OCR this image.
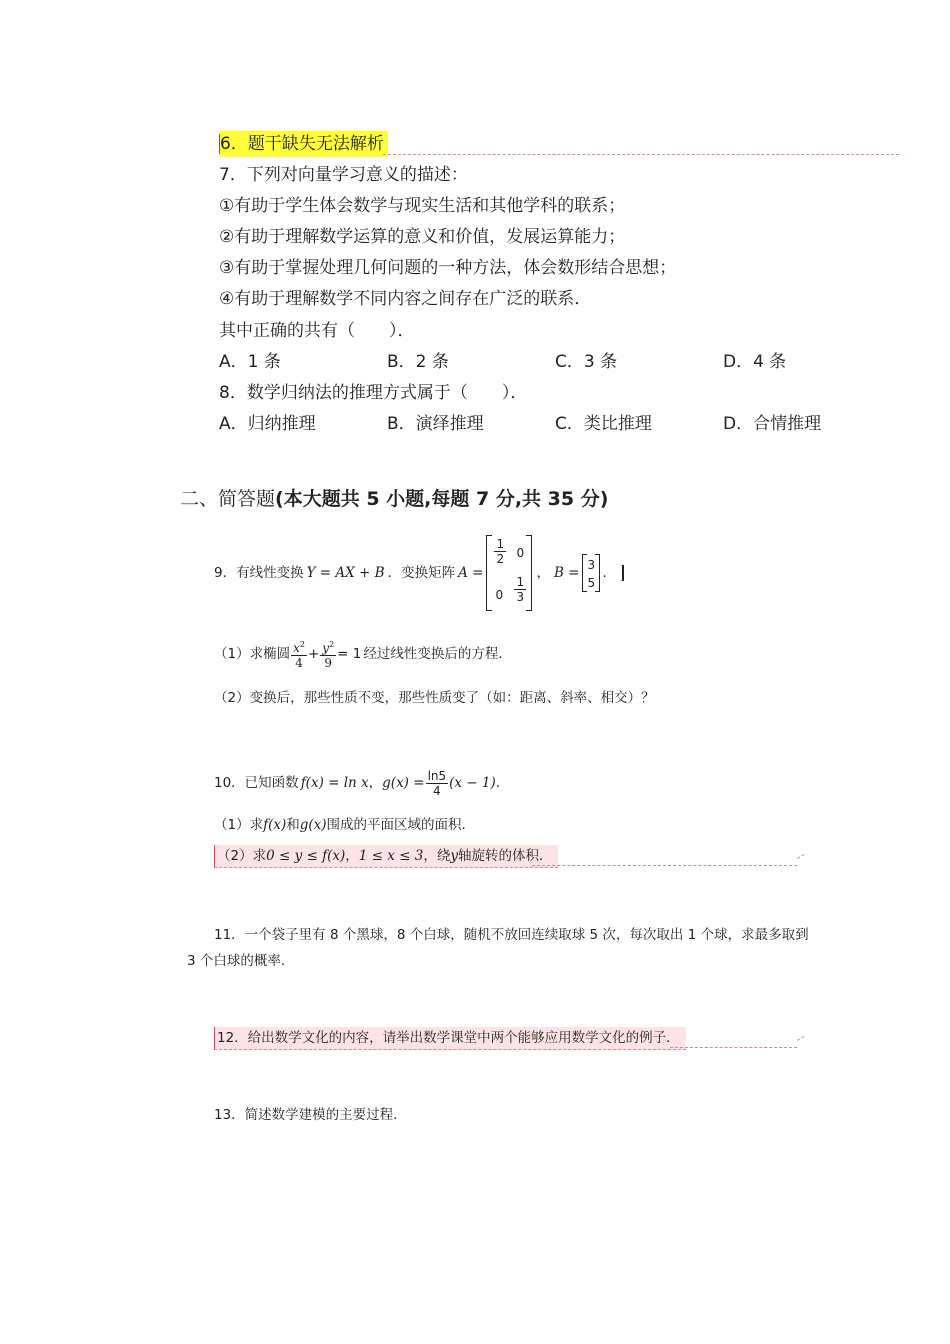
6．题干缺失无法解析
7．下列对向量学习意义的描述：
①有助于学生体会数学与现实生活和其他学科的联系；
②有助于理解数学运算的意义和价值，发展运算能力；
③有助于掌握处理几何问题的一种方法，体会数形结合思想；
④有助于理解数学不同内容之间存在广泛的联系．
其中正确的共有（　　）．
A．1 条	B．2 条	C．3 条	D．4 条
8．数学归纳法的推理方式属于（　　）．
A．归纳推理	B．演绎推理	C．类比推理	D．合情推理
二、简答题(本大题共 5 小题,每题 7 分,共 35 分)
9．有线性变换 Y = AX + B ．变换矩阵 A =
$\frac{1}{2} 0$
$0 \frac{1}{3}$
， B = 3
5
．
（1）求椭圆 $\frac{x^2}{4} + \frac{y^2}{9} = 1$ 经过线性变换后的方程．
（2）变换后，那些性质不变，那些性质变了（如：距离、斜率、相交）？
10．已知函数 f(x) = ln x ， $g(x) = \frac{\ln 5}{4} (x - 1)$ ．
（1）求f(x)和g(x)围成的平面区域的面积．
（2）求0 ≤ y ≤ f(x)，1 ≤ x ≤ 3，绕y轴旋转的体积．
11．一个袋子里有 8 个黑球，8 个白球，随机不放回连续取球 5 次，每次取出 1 个球，求最多取到
3 个白球的概率．
12．给出数学文化的内容，请举出数学课堂中两个能够应用数学文化的例子．
13．简述数学建模的主要过程．
